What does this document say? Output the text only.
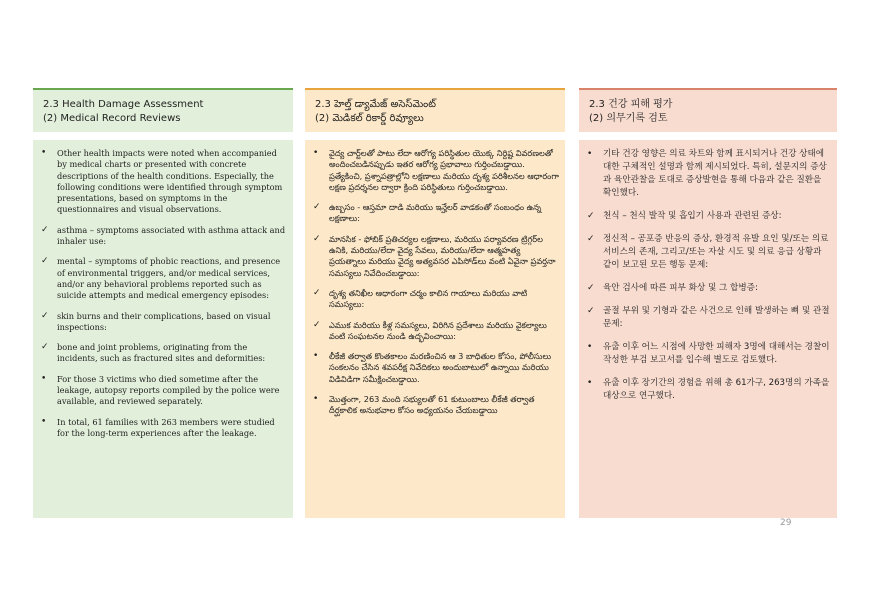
2.3 Health Damage Assessment
(2) Medical Record Reviews
• Other health impacts were noted when accompanied by medical charts or presented with concrete descriptions of the health conditions. Especially, the following conditions were identified through symptom presentations, based on symptoms in the questionnaires and visual observations.
✓ asthma – symptoms associated with asthma attack and inhaler use:
✓ mental – symptoms of phobic reactions, and presence of environmental triggers, and/or medical services, and/or any behavioral problems reported such as suicide attempts and medical emergency episodes:
✓ skin burns and their complications, based on visual inspections:
✓ bone and joint problems, originating from the incidents, such as fractured sites and deformities:
• For those 3 victims who died sometime after the leakage, autopsy reports compiled by the police were available, and reviewed separately.
• In total, 61 families with 263 members were studied for the long-term experiences after the leakage.
2.3 హెల్త్ డ్యామేజ్ అసెస్‌మెంట్
(2) మెడికల్ రికార్డ్ రివ్యూలు
• వైద్య చార్ట్‌లతో పాటు లేదా ఆరోగ్య పరిస్థితుల యొక్క నిర్దిష్ట వివరణలతో అందించబడినప్పుడు ఇతర ఆరోగ్య ప్రభావాలు గుర్తించబడ్డాయి. ప్రత్యేకించి, ప్రశ్నాపత్రాల్లోని లక్షణాలు మరియు దృశ్య పరిశీలనల ఆధారంగా లక్షణ ప్రదర్శనల ద్వారా క్రింది పరిస్థితులు గుర్తించబడ్డాయి.
✓ ఉబ్బసం - ఆస్తమా దాడి మరియు ఇన్హేలర్ వాడకంతో సంబంధం ఉన్న లక్షణాలు:
✓ మానసిక - ఫోబిక్ ప్రతిచర్యల లక్షణాలు, మరియు పర్యావరణ ట్రిగ్గర్‌ల ఉనికి, మరియు/లేదా వైద్య సేవలు, మరియు/లేదా ఆత్మహత్య ప్రయత్నాలు మరియు వైద్య అత్యవసర ఎపిసోడ్‌లు వంటి ఏవైనా ప్రవర్తనా సమస్యలు నివేదించబడ్డాయి:
✓ దృశ్య తనిఖీల ఆధారంగా చర్మం కాలిన గాయాలు మరియు వాటి సమస్యలు:
✓ ఎముక మరియు కీళ్ల సమస్యలు, విరిగిన ప్రదేశాలు మరియు వైకల్యాలు వంటి సంఘటనల నుండి ఉద్భవించాయి:
• లీకేజీ తర్వాత కొంతకాలం మరణించిన ఆ 3 బాధితుల కోసం, పోలీసులు సంకలనం చేసిన శవపరీక్ష నివేదికలు అందుబాటులో ఉన్నాయి మరియు విడివిడిగా సమీక్షించబడ్డాయి.
• మొత్తంగా, 263 మంది సభ్యులతో 61 కుటుంబాలు లీకేజీ తర్వాత దీర్ఘకాలిక అనుభవాల కోసం అధ్యయనం చేయబడ్డాయి
2.3 건강 피해 평가
(2) 의무기록 검토
• 기타 건강 영향은 의료 차트와 함께 표시되거나 건강 상태에 대한 구체적인 설명과 함께 제시되었다. 특히, 설문지의 증상과 육안관찰을 토대로 증상발현을 통해 다음과 같은 질환을 확인했다.
✓ 천식 – 천식 발작 및 흡입기 사용과 관련된 증상:
✓ 정신적 – 공포증 반응의 증상, 환경적 유발 요인 및/또는 의료 서비스의 존재, 그리고/또는 자살 시도 및 의료 응급 상황과 같이 보고된 모든 행동 문제:
✓ 육안 검사에 따른 피부 화상 및 그 합병증:
✓ 골절 부위 및 기형과 같은 사건으로 인해 발생하는 뼈 및 관절 문제:
• 유출 이후 어느 시점에 사망한 피해자 3명에 대해서는 경찰이 작성한 부검 보고서를 입수해 별도로 검토했다.
• 유출 이후 장기간의 경험을 위해 총 61가구, 263명의 가족을 대상으로 연구했다.
29
